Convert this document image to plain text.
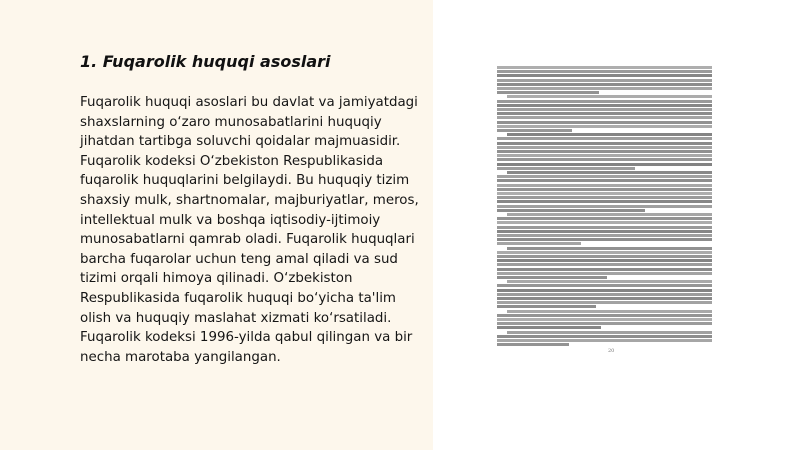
1. Fuqarolik huquqi asoslari

Fuqarolik huquqi asoslari bu davlat va jamiyatdagi shaxslarning o‘zaro munosabatlarini huquqiy jihatdan tartibga soluvchi qoidalar majmuasidir. Fuqarolik kodeksi O‘zbekiston Respublikasida fuqarolik huquqlarini belgilaydi. Bu huquqiy tizim shaxsiy mulk, shartnomalar, majburiyatlar, meros, intellektual mulk va boshqa iqtisodiy-ijtimoiy munosabatlarni qamrab oladi. Fuqarolik huquqlari barcha fuqarolar uchun teng amal qiladi va sud tizimi orqali himoya qilinadi. O‘zbekiston Respublikasida fuqarolik huquqi bo‘yicha ta'lim olish va huquqiy maslahat xizmati ko‘rsatiladi. Fuqarolik kodeksi 1996-yilda qabul qilingan va bir necha marotaba yangilangan.	20
